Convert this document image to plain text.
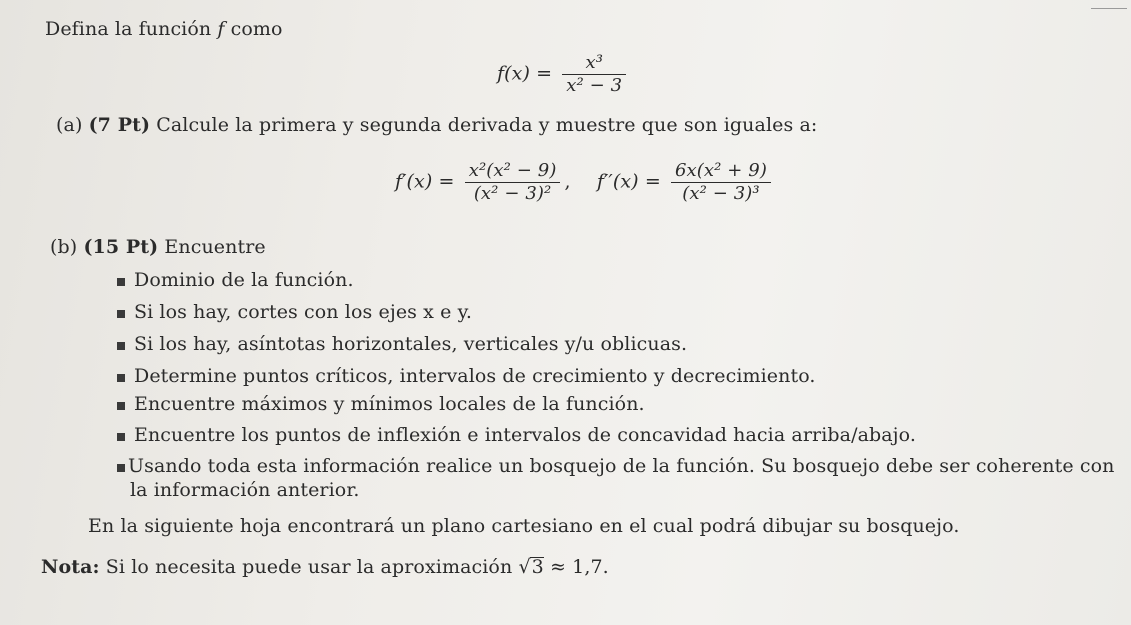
Defina la función f como
$f(x) = \frac{\text{x³}}{\text{x² − 3}}$
(a) (7 Pt) Calcule la primera y segunda derivada y muestre que son iguales a:
$f'(x) = \frac{\text{x²(x² − 9)}}{\text{(x² − 3)²}}$ , $f''(x) = \frac{\text{6x(x² + 9)}}{\text{(x² − 3)³}}$
(b) (15 Pt) Encuentre
Dominio de la función.
Si los hay, cortes con los ejes x e y.
Si los hay, asíntotas horizontales, verticales y/u oblicuas.
Determine puntos críticos, intervalos de crecimiento y decrecimiento.
Encuentre máximos y mínimos locales de la función.
Encuentre los puntos de inflexión e intervalos de concavidad hacia arriba/abajo.
Usando toda esta información realice un bosquejo de la función. Su bosquejo debe ser coherente con
la información anterior.
En la siguiente hoja encontrará un plano cartesiano en el cual podrá dibujar su bosquejo.
Nota: Si lo necesita puede usar la aproximación √3 ≈ 1,7.
